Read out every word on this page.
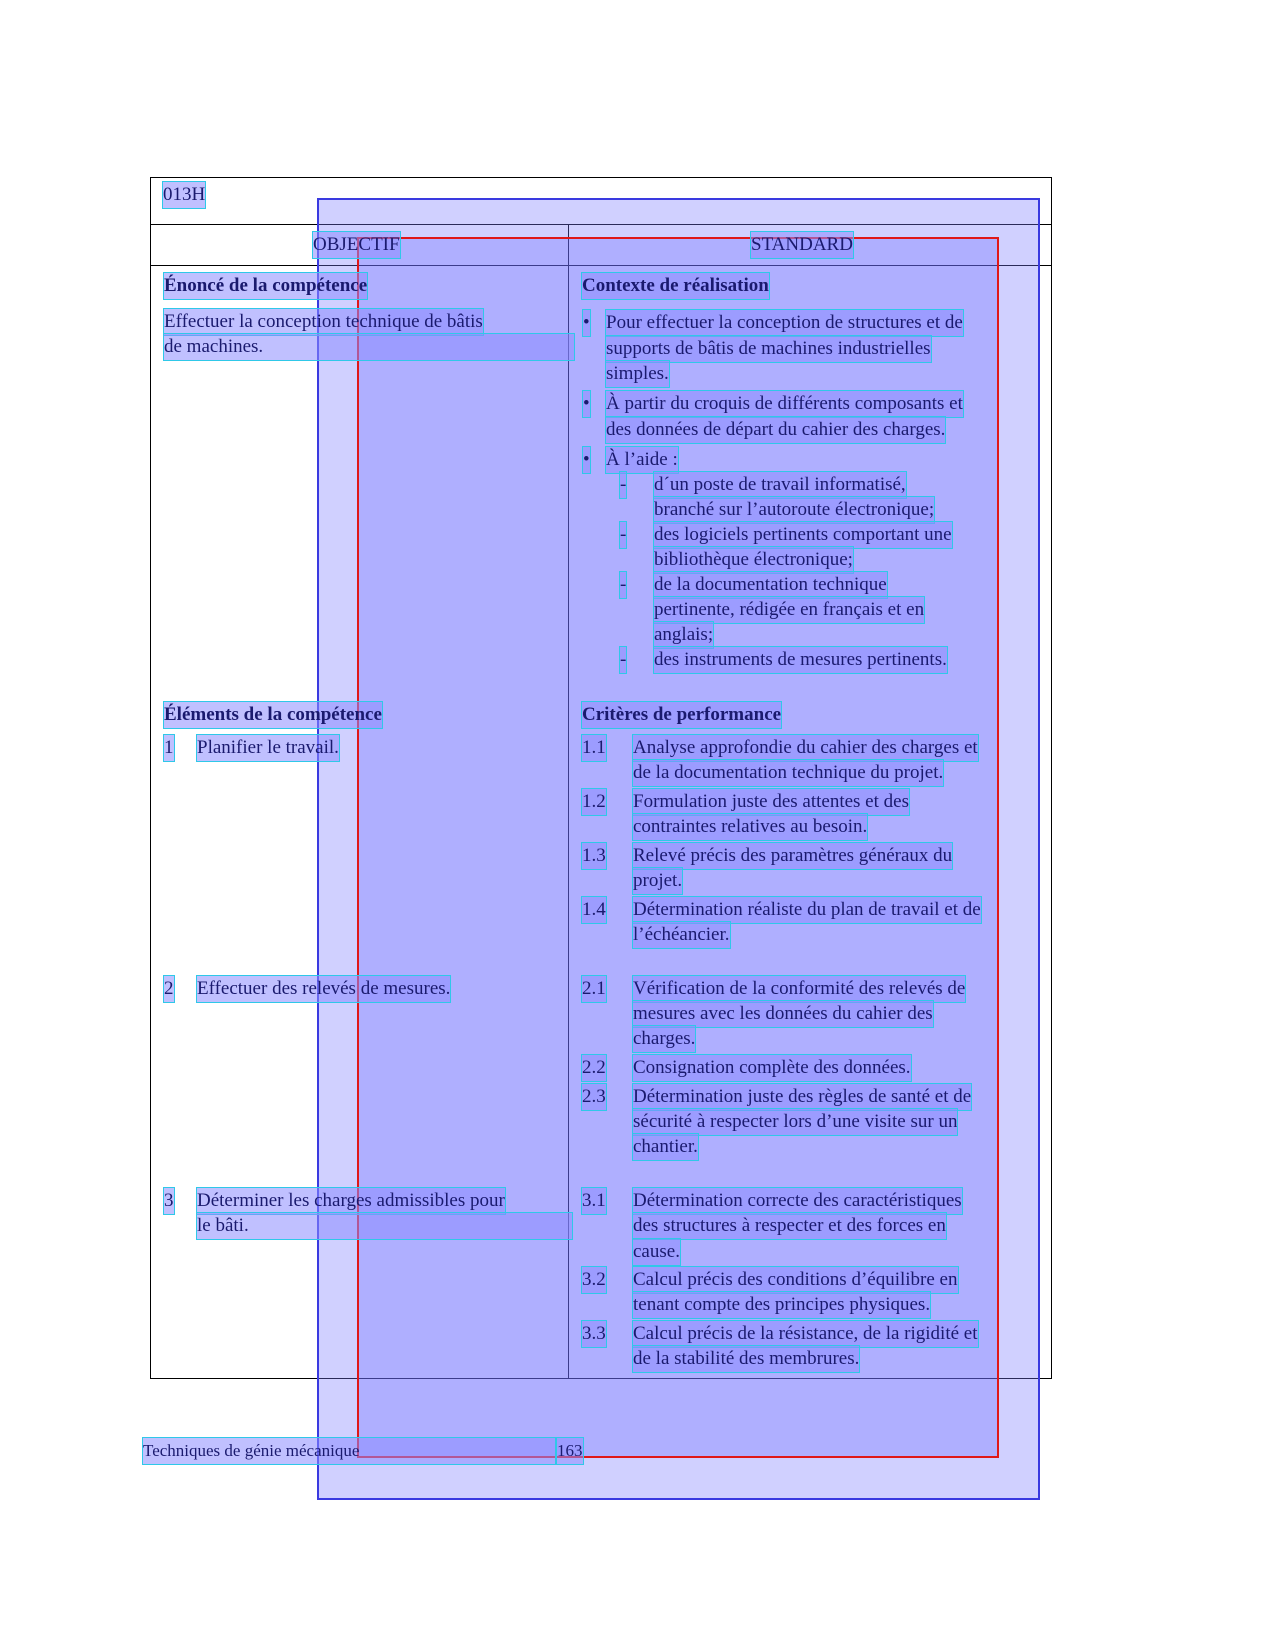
013H
OBJECTIF	STANDARD
Énoncé de la compétence
Effectuer la conception technique de bâtis
de machines.
Contexte de réalisation
• Pour effectuer la conception de structures et de
supports de bâtis de machines industrielles
simples.
• À partir du croquis de différents composants et
des données de départ du cahier des charges.
• À l’aide :
- d´un poste de travail informatisé,
branché sur l’autoroute électronique;
- des logiciels pertinents comportant une
bibliothèque électronique;
- de la documentation technique
pertinente, rédigée en français et en
anglais;
- des instruments de mesures pertinents.
Éléments de la compétence
1 Planifier le travail.
2 Effectuer des relevés de mesures.
3 Déterminer les charges admissibles pour
le bâti.
Critères de performance
1.1 Analyse approfondie du cahier des charges et
de la documentation technique du projet.
1.2 Formulation juste des attentes et des
contraintes relatives au besoin.
1.3 Relevé précis des paramètres généraux du
projet.
1.4 Détermination réaliste du plan de travail et de
l’échéancier.
2.1 Vérification de la conformité des relevés de
mesures avec les données du cahier des
charges.
2.2 Consignation complète des données.
2.3 Détermination juste des règles de santé et de
sécurité à respecter lors d’une visite sur un
chantier.
3.1 Détermination correcte des caractéristiques
des structures à respecter et des forces en
cause.
3.2 Calcul précis des conditions d’équilibre en
tenant compte des principes physiques.
3.3 Calcul précis de la résistance, de la rigidité et
de la stabilité des membrures.
Techniques de génie mécanique	163
